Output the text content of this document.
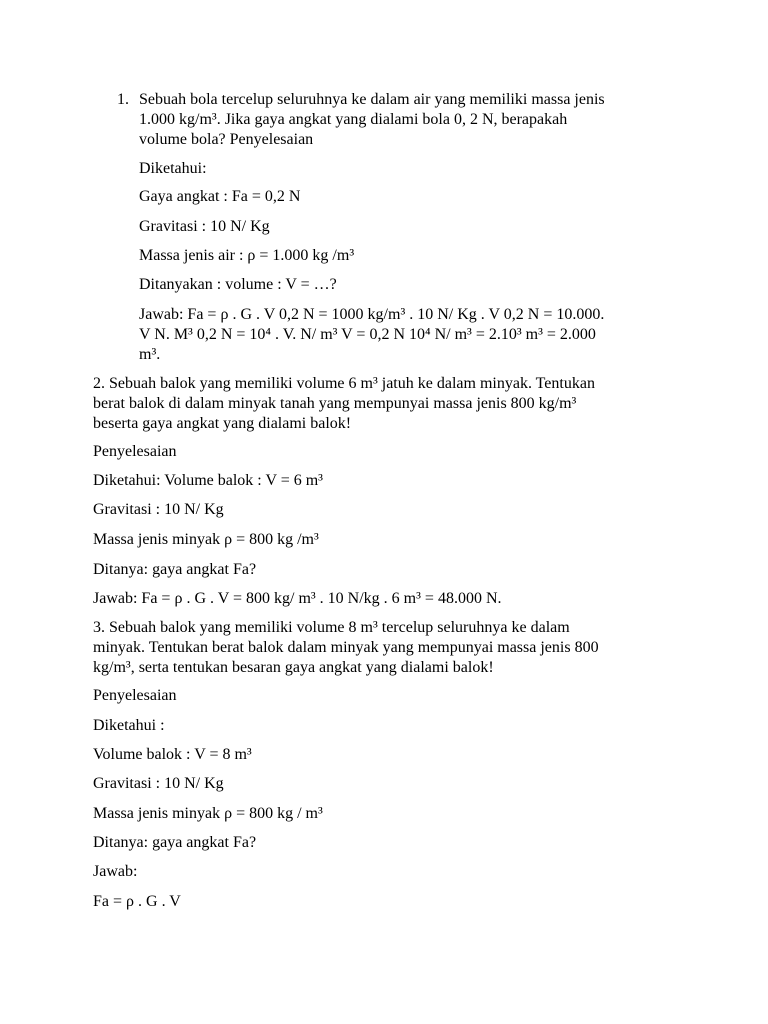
1. Sebuah bola tercelup seluruhnya ke dalam air yang memiliki massa jenis
1.000 kg/m³. Jika gaya angkat yang dialami bola 0, 2 N, berapakah
volume bola? Penyelesaian
Diketahui:
Gaya angkat : Fa = 0,2 N
Gravitasi : 10 N/ Kg
Massa jenis air : ρ = 1.000 kg /m³
Ditanyakan : volume : V = …?
Jawab: Fa = ρ . G . V 0,2 N = 1000 kg/m³ . 10 N/ Kg . V 0,2 N = 10.000.
V N. M³ 0,2 N = 10⁴ . V. N/ m³ V = 0,2 N 10⁴ N/ m³ = 2.10³ m³ = 2.000
m³.
2. Sebuah balok yang memiliki volume 6 m³ jatuh ke dalam minyak. Tentukan
berat balok di dalam minyak tanah yang mempunyai massa jenis 800 kg/m³
beserta gaya angkat yang dialami balok!
Penyelesaian
Diketahui: Volume balok : V = 6 m³
Gravitasi : 10 N/ Kg
Massa jenis minyak ρ = 800 kg /m³
Ditanya: gaya angkat Fa?
Jawab: Fa = ρ . G . V = 800 kg/ m³ . 10 N/kg . 6 m³ = 48.000 N.
3. Sebuah balok yang memiliki volume 8 m³ tercelup seluruhnya ke dalam
minyak. Tentukan berat balok dalam minyak yang mempunyai massa jenis 800
kg/m³, serta tentukan besaran gaya angkat yang dialami balok!
Penyelesaian
Diketahui :
Volume balok : V = 8 m³
Gravitasi : 10 N/ Kg
Massa jenis minyak ρ = 800 kg / m³
Ditanya: gaya angkat Fa?
Jawab:
Fa = ρ . G . V
